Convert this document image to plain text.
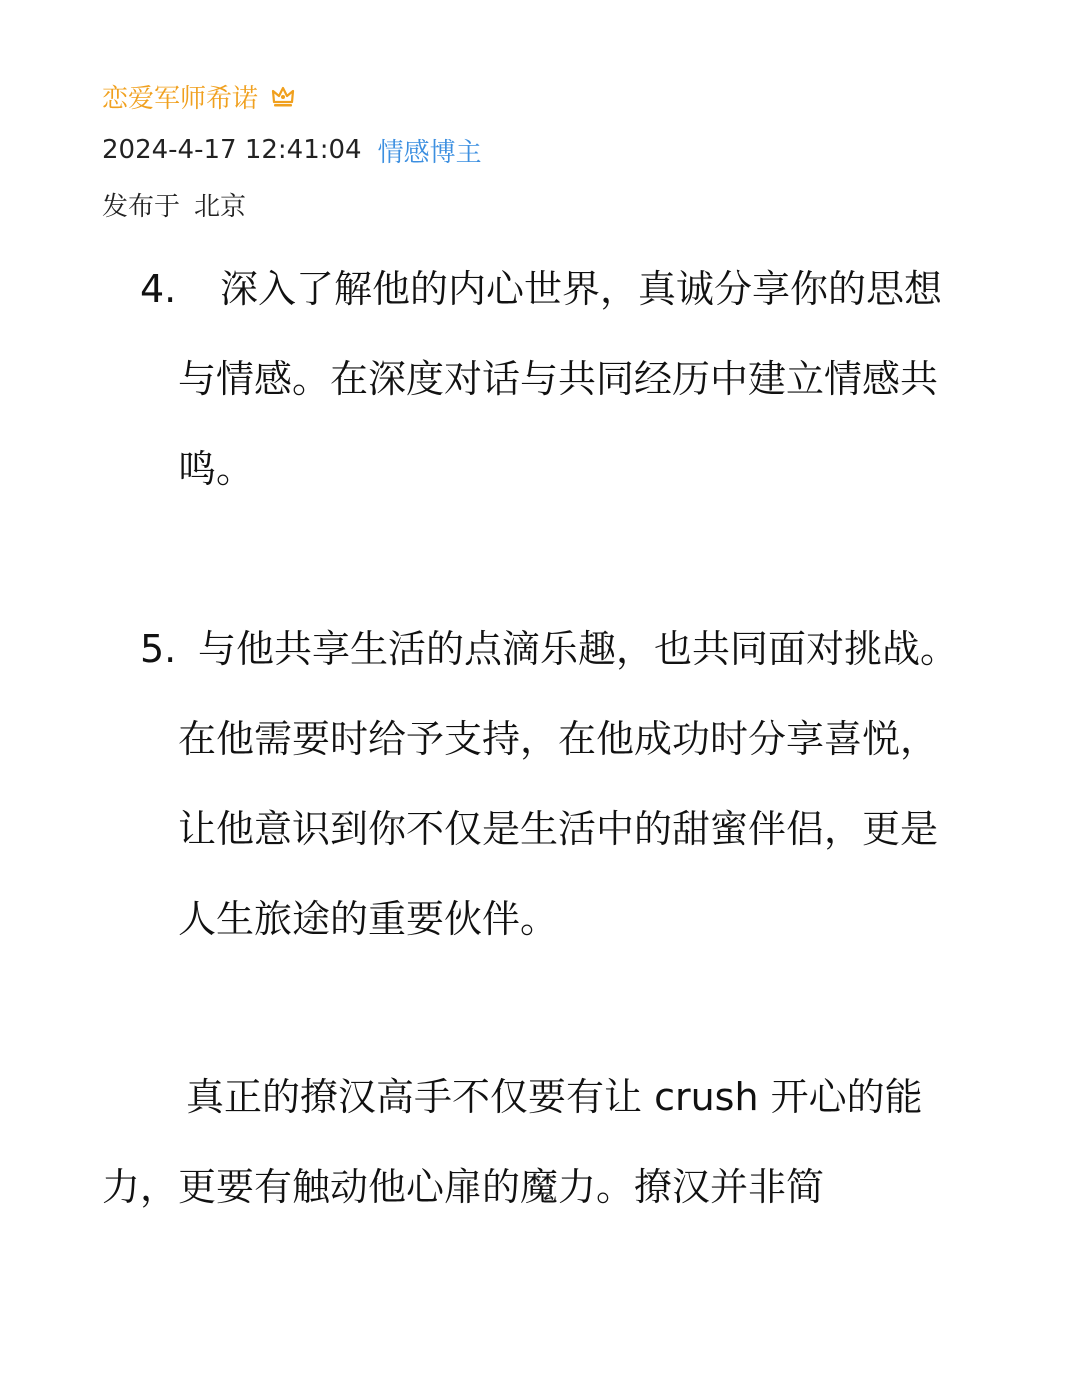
恋爱军师希诺
2024-4-17 12:41:04 情感博主
发布于 北京
4.	深入了解他的内心世界，真诚分享你的思想与情感。在深度对话与共同经历中建立情感共鸣。
5. 与他共享生活的点滴乐趣，也共同面对挑战。在他需要时给予支持，在他成功时分享喜悦，让他意识到你不仅是生活中的甜蜜伴侣，更是人生旅途的重要伙伴。
真正的撩汉高手不仅要有让 crush 开心的能力，更要有触动他心扉的魔力。撩汉并非简
